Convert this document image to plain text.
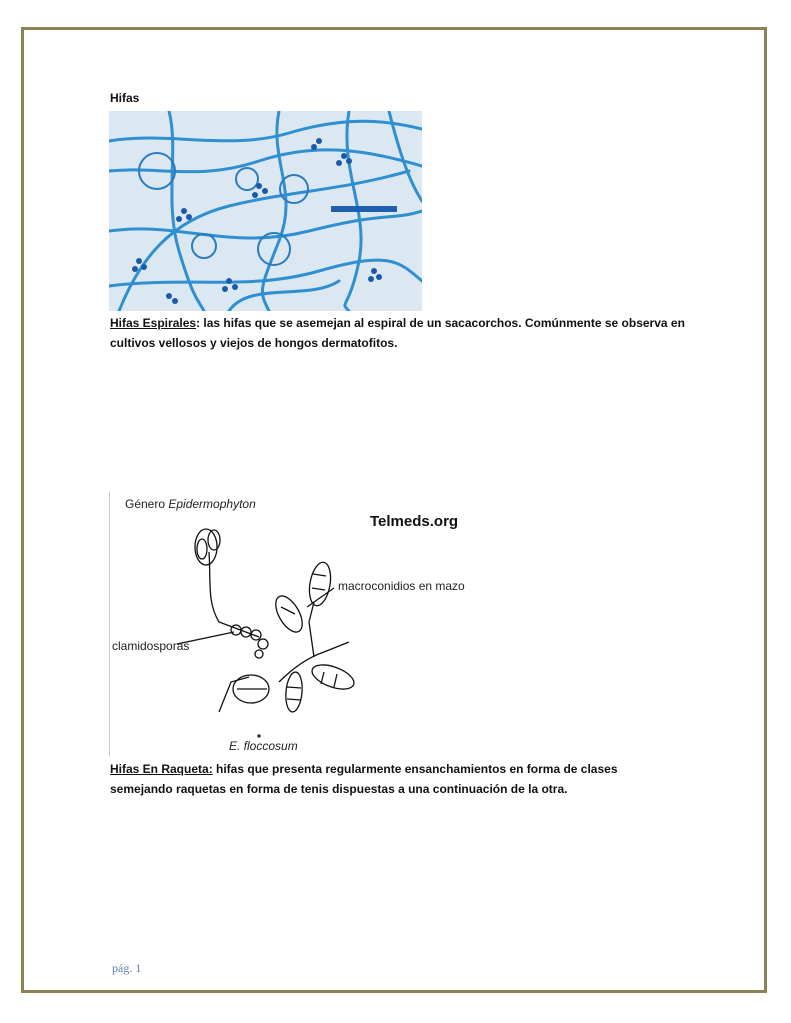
Hifas
Hifas Espirales: las hifas que se asemejan al espiral de un sacacorchos. Comúnmente se observa en cultivos vellosos y viejos de hongos dermatofitos.
Género Epidermophyton
Telmeds.org
macroconidios en mazo
clamidosporas
E. floccosum
Hifas En Raqueta: hifas que presenta regularmente ensanchamientos en forma de clases semejando raquetas en forma de tenis dispuestas a una continuación de la otra.
pág. 1
